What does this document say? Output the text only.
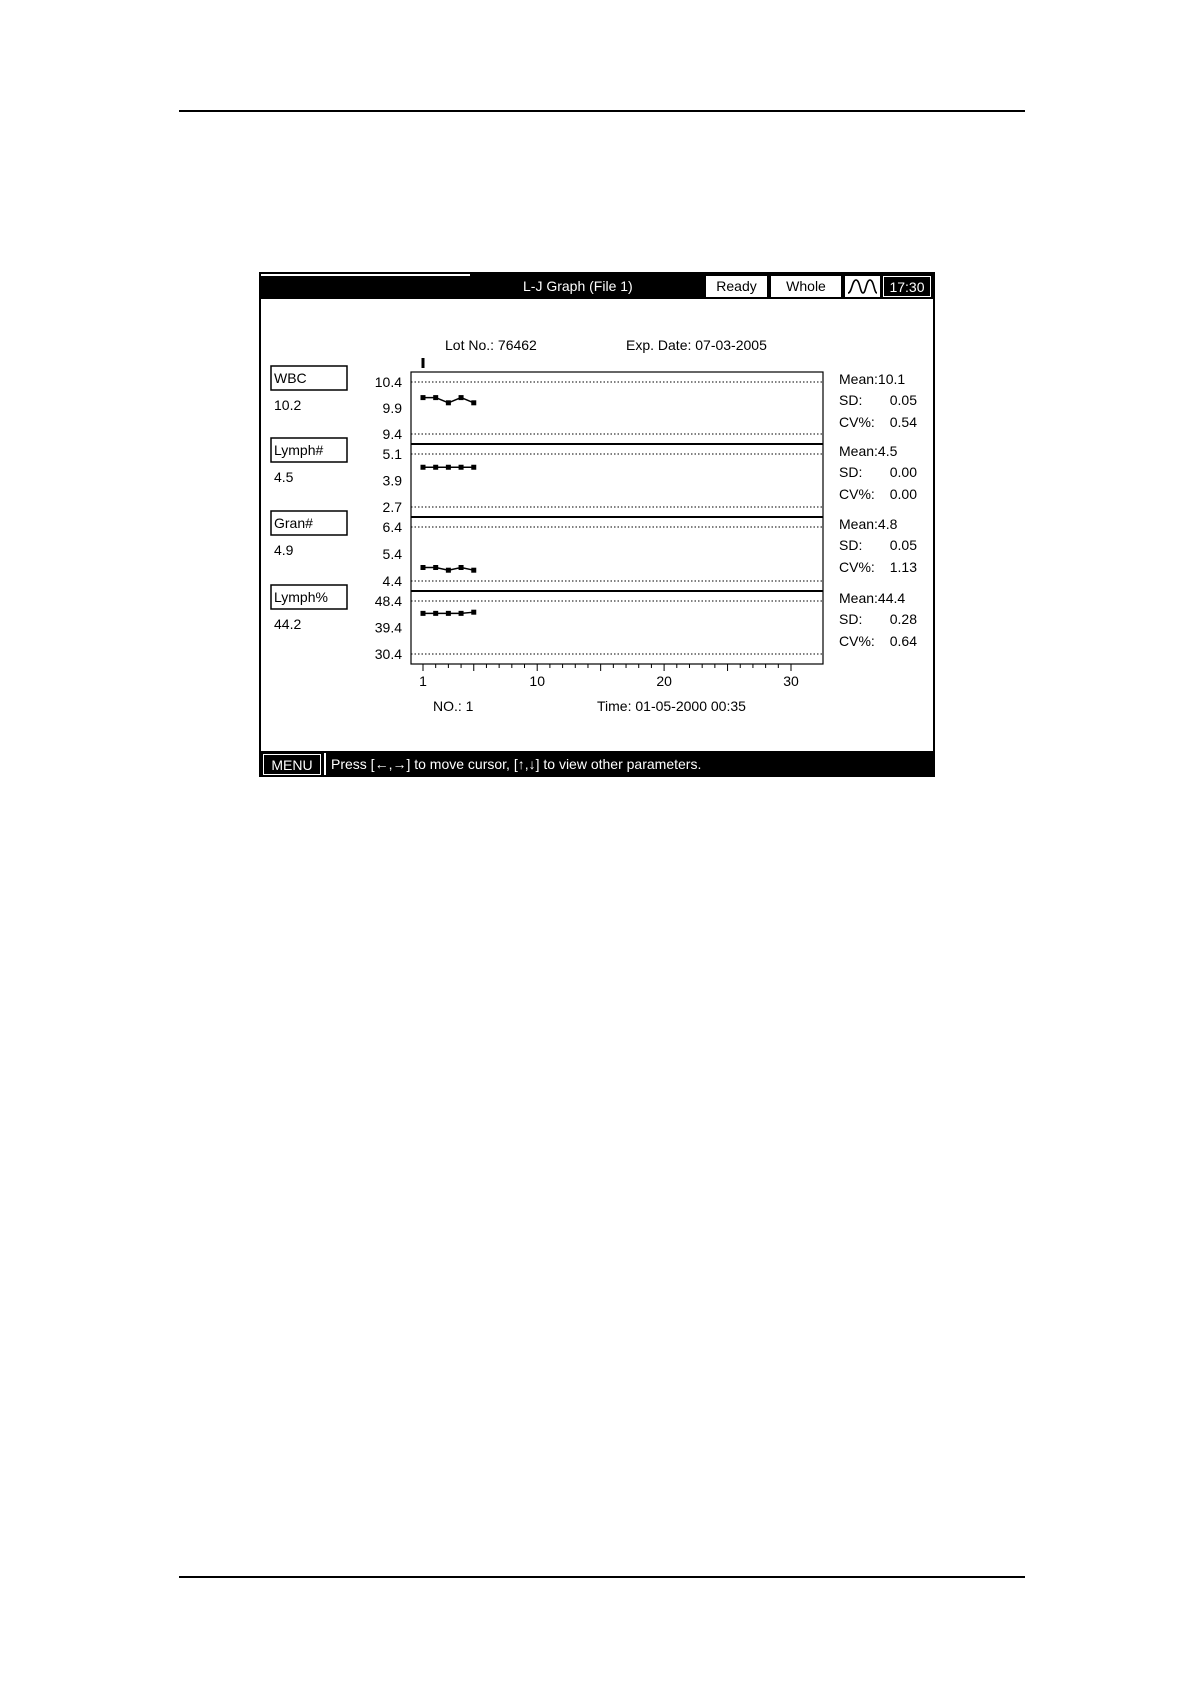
L-J Graph (File 1)	Ready	Whole	17:30
Lot No.: 76462	Exp. Date: 07-03-2005
10.4
9.9
9.4
WBC
10.2
Mean:10.1
SD: 0.05
CV%: 0.54
5.1
3.9
2.7
Lymph#
4.5
Mean:4.5
SD: 0.00
CV%: 0.00
6.4
5.4
4.4
Gran#
4.9
Mean:4.8
SD: 0.05
CV%: 1.13
48.4
39.4
30.4
Lymph%
44.2
Mean:44.4
SD: 0.28
CV%: 0.64
1	10	20	30
NO.: 1	Time: 01-05-2000 00:35
MENU	Press [←,→] to move cursor, [↑,↓] to view other parameters.
